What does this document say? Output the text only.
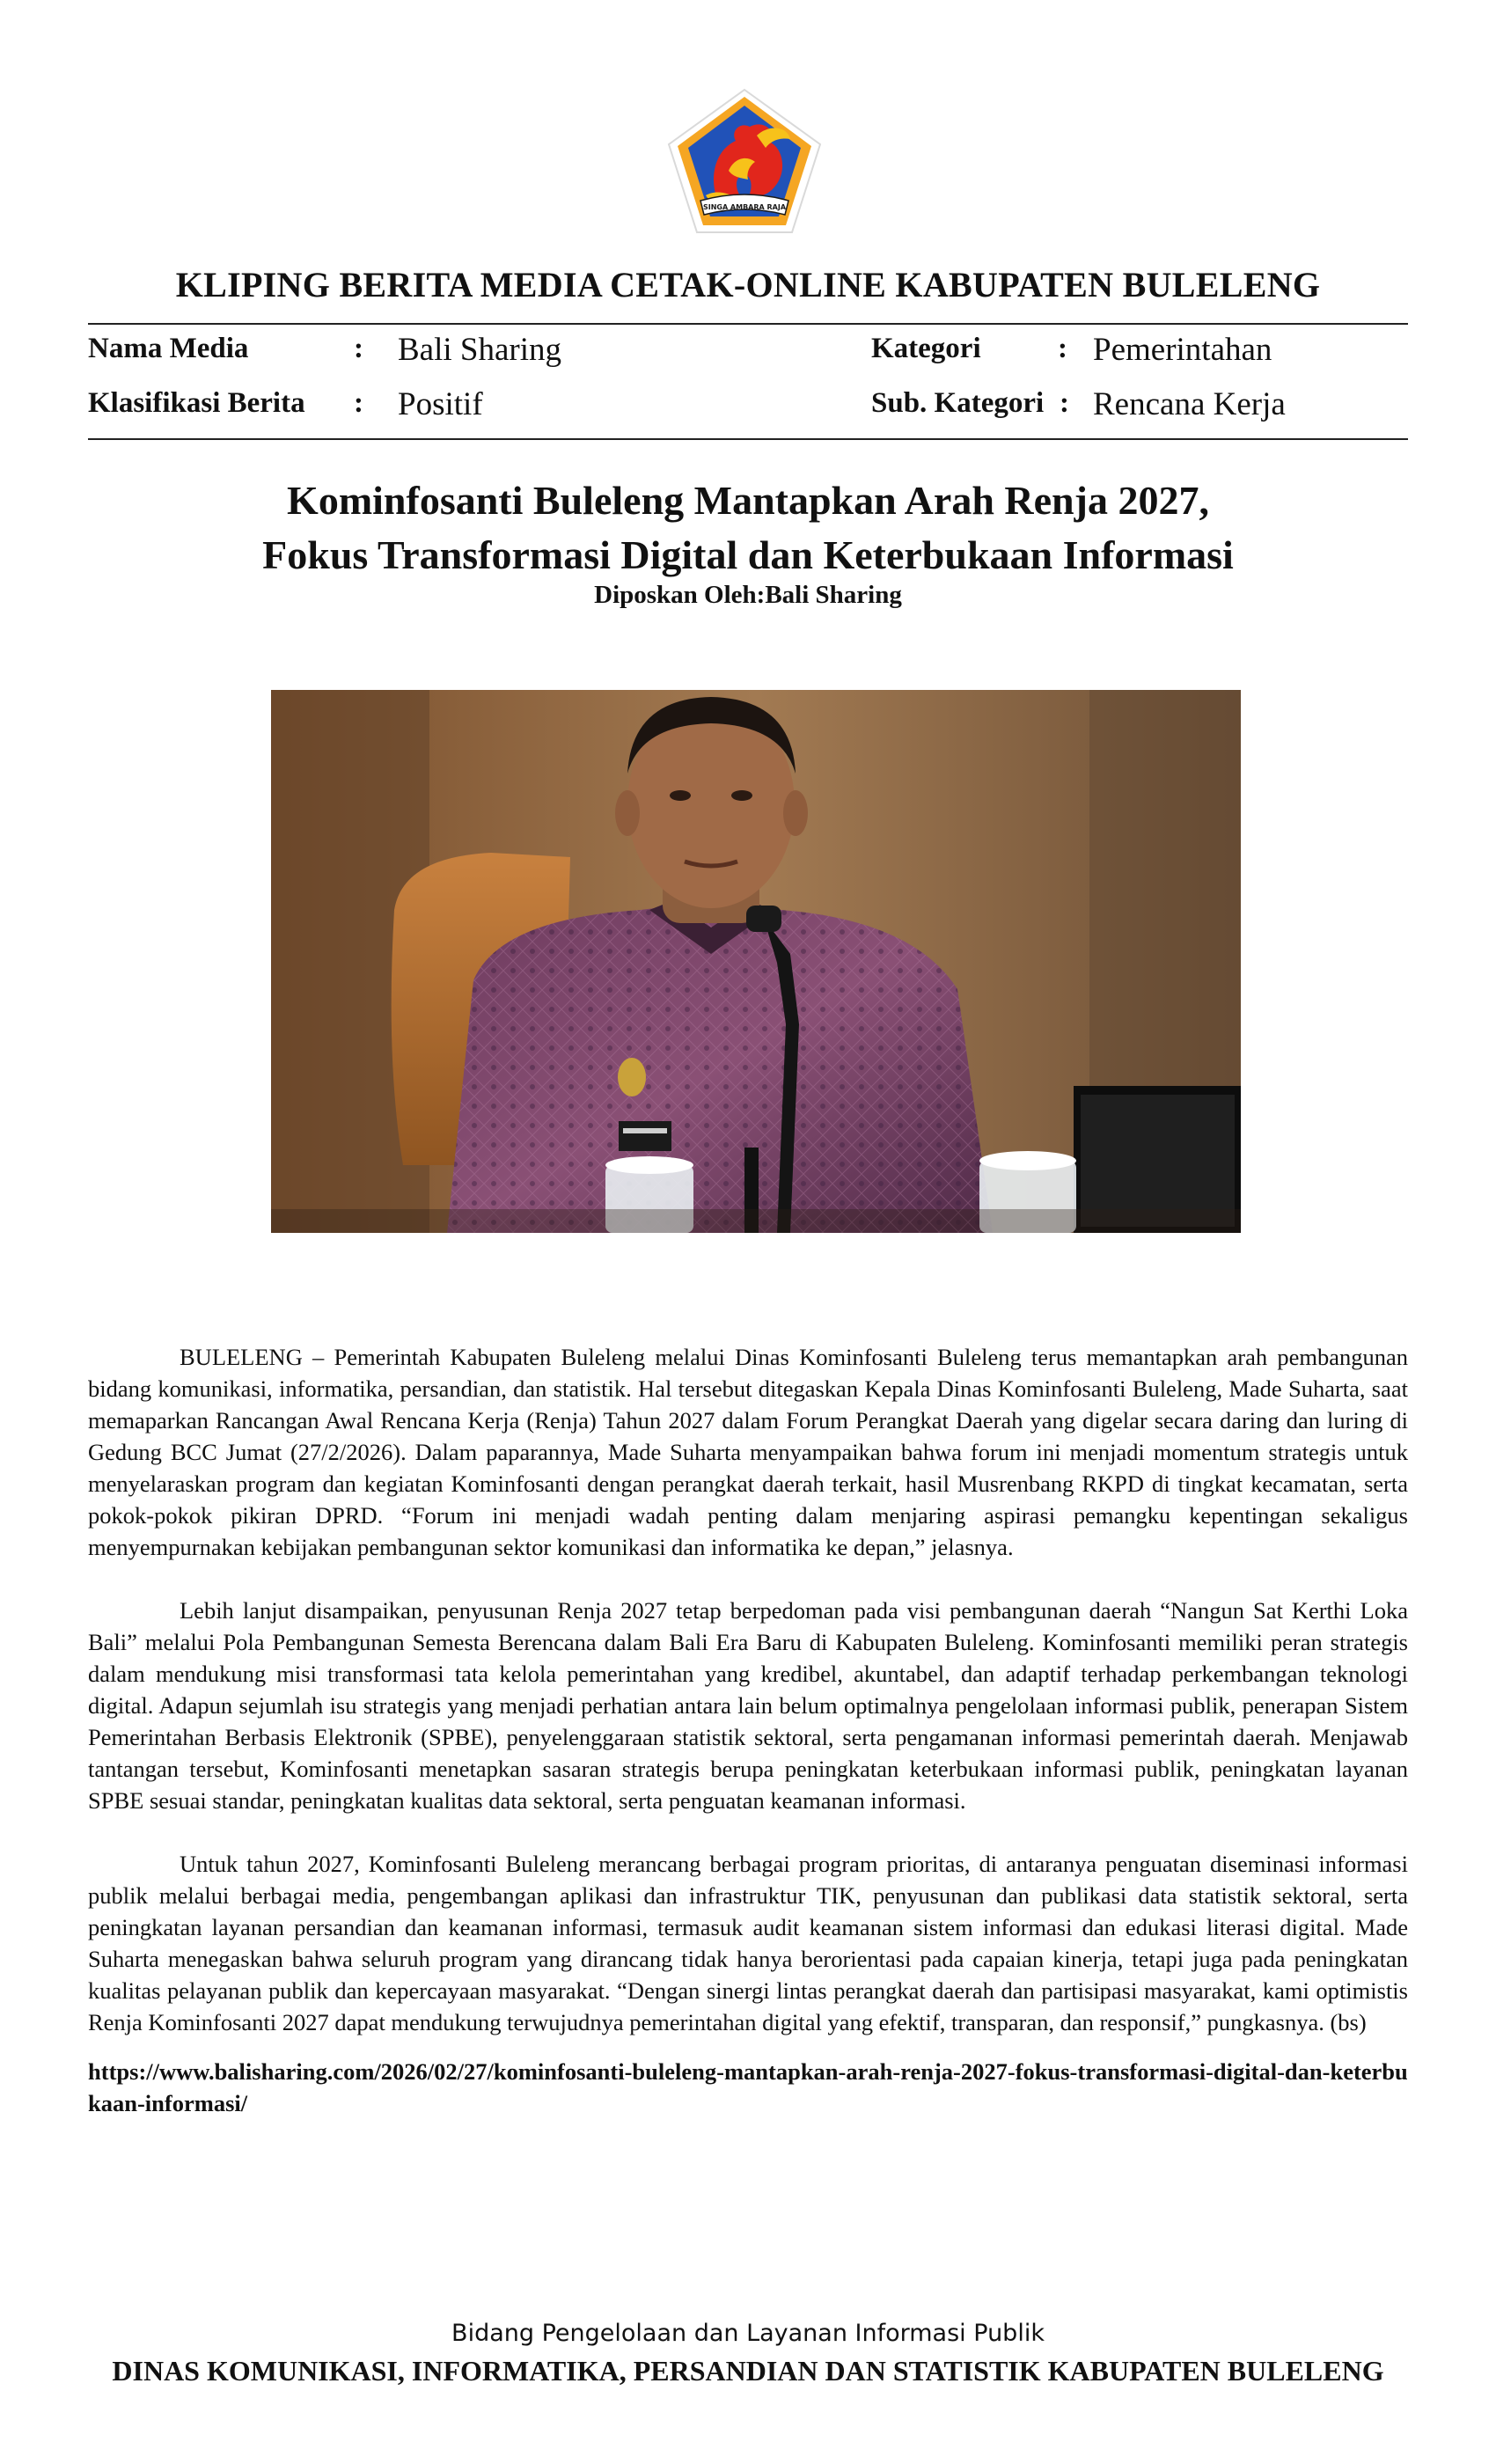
SINGA AMBARA RAJA
KLIPING BERITA MEDIA CETAK-ONLINE KABUPATEN BULELENG
Nama Media	: Bali Sharing	Kategori	: Pemerintahan
Klasifikasi Berita : Positif	Sub. Kategori : Rencana Kerja
Kominfosanti Buleleng Mantapkan Arah Renja 2027,
Fokus Transformasi Digital dan Keterbukaan Informasi
Diposkan Oleh:Bali Sharing

BULELENG – Pemerintah Kabupaten Buleleng melalui Dinas Kominfosanti Buleleng terus memantapkan arah pembangunan bidang komunikasi, informatika, persandian, dan statistik. Hal tersebut ditegaskan Kepala Dinas Kominfosanti Buleleng, Made Suharta, saat memaparkan Rancangan Awal Rencana Kerja (Renja) Tahun 2027 dalam Forum Perangkat Daerah yang digelar secara daring dan luring di Gedung BCC Jumat (27/2/2026). Dalam paparannya, Made Suharta menyampaikan bahwa forum ini menjadi momentum strategis untuk menyelaraskan program dan kegiatan Kominfosanti dengan perangkat daerah terkait, hasil Musrenbang RKPD di tingkat kecamatan, serta pokok-pokok pikiran DPRD. “Forum ini menjadi wadah penting dalam menjaring aspirasi pemangku kepentingan sekaligus menyempurnakan kebijakan pembangunan sektor komunikasi dan informatika ke depan,” jelasnya.

Lebih lanjut disampaikan, penyusunan Renja 2027 tetap berpedoman pada visi pembangunan daerah “Nangun Sat Kerthi Loka Bali” melalui Pola Pembangunan Semesta Berencana dalam Bali Era Baru di Kabupaten Buleleng. Kominfosanti memiliki peran strategis dalam mendukung misi transformasi tata kelola pemerintahan yang kredibel, akuntabel, dan adaptif terhadap perkembangan teknologi digital. Adapun sejumlah isu strategis yang menjadi perhatian antara lain belum optimalnya pengelolaan informasi publik, penerapan Sistem Pemerintahan Berbasis Elektronik (SPBE), penyelenggaraan statistik sektoral, serta pengamanan informasi pemerintah daerah. Menjawab tantangan tersebut, Kominfosanti menetapkan sasaran strategis berupa peningkatan keterbukaan informasi publik, peningkatan layanan SPBE sesuai standar, peningkatan kualitas data sektoral, serta penguatan keamanan informasi.

Untuk tahun 2027, Kominfosanti Buleleng merancang berbagai program prioritas, di antaranya penguatan diseminasi informasi publik melalui berbagai media, pengembangan aplikasi dan infrastruktur TIK, penyusunan dan publikasi data statistik sektoral, serta peningkatan layanan persandian dan keamanan informasi, termasuk audit keamanan sistem informasi dan edukasi literasi digital. Made Suharta menegaskan bahwa seluruh program yang dirancang tidak hanya berorientasi pada capaian kinerja, tetapi juga pada peningkatan kualitas pelayanan publik dan kepercayaan masyarakat. “Dengan sinergi lintas perangkat daerah dan partisipasi masyarakat, kami optimistis Renja Kominfosanti 2027 dapat mendukung terwujudnya pemerintahan digital yang efektif, transparan, dan responsif,” pungkasnya. (bs)

https://www.balisharing.com/2026/02/27/kominfosanti-buleleng-mantapkan-arah-renja-2027-fokus-transformasi-digital-dan-keterbukaan-informasi/
Bidang Pengelolaan dan Layanan Informasi Publik
DINAS KOMUNIKASI, INFORMATIKA, PERSANDIAN DAN STATISTIK KABUPATEN BULELENG
